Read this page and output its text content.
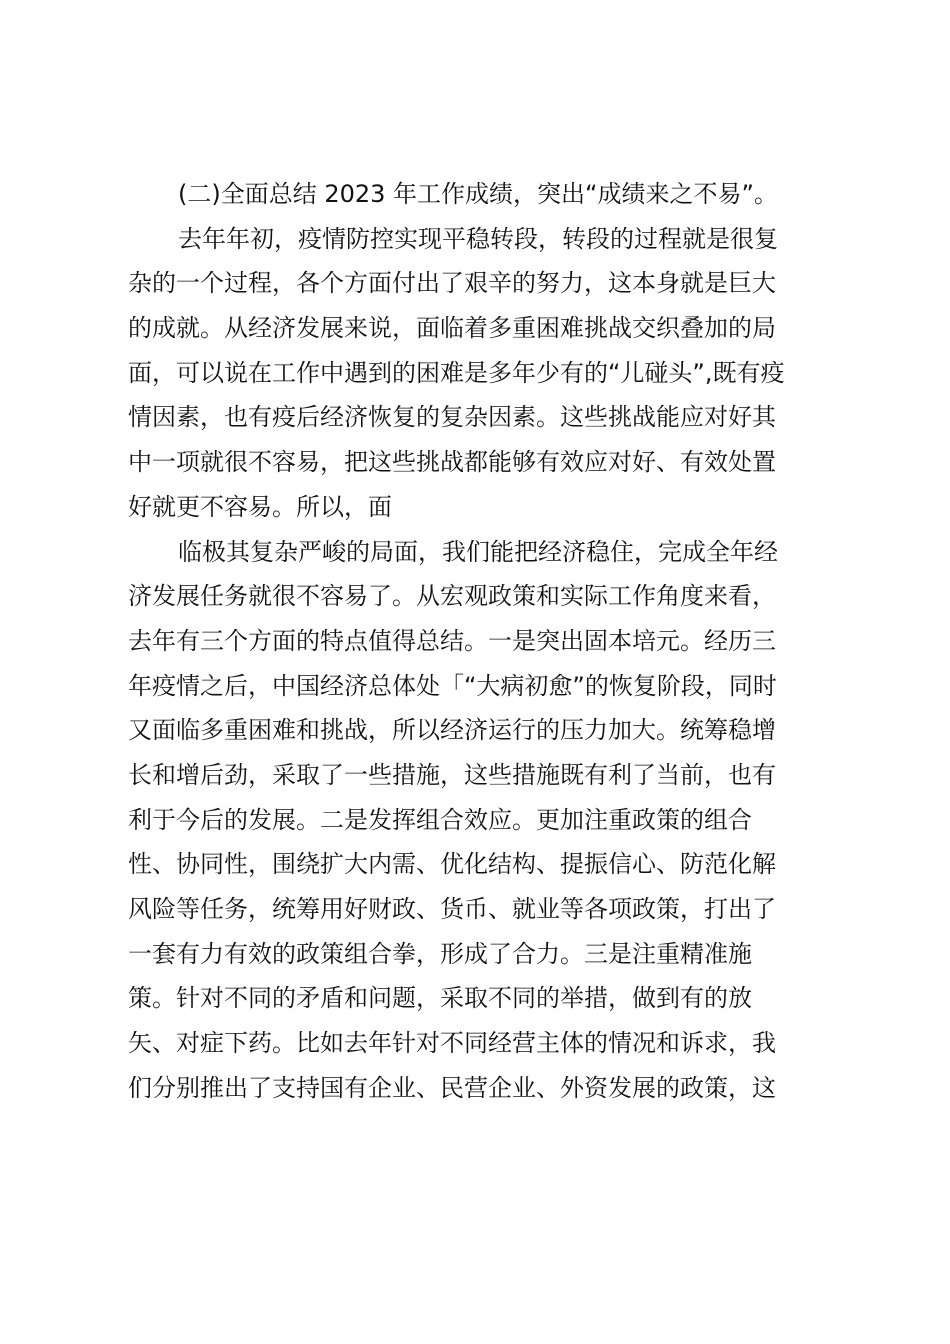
(二)全面总结 2023 年工作成绩，突出“成绩来之不易”。
去年年初，疫情防控实现平稳转段，转段的过程就是很复
杂的一个过程，各个方面付出了艰辛的努力，这本身就是巨大
的成就。从经济发展来说，面临着多重困难挑战交织叠加的局
面，可以说在工作中遇到的困难是多年少有的“儿碰头”,既有疫
情因素，也有疫后经济恢复的复杂因素。这些挑战能应对好其
中一项就很不容易，把这些挑战都能够有效应对好、有效处置
好就更不容易。所以，面
临极其复杂严峻的局面，我们能把经济稳住，完成全年经
济发展任务就很不容易了。从宏观政策和实际工作角度来看，
去年有三个方面的特点值得总结。一是突出固本培元。经历三
年疫情之后，中国经济总体处「“大病初愈”的恢复阶段，同时
又面临多重困难和挑战，所以经济运行的压力加大。统筹稳增
长和增后劲，采取了一些措施，这些措施既有利了当前，也有
利于今后的发展。二是发挥组合效应。更加注重政策的组合
性、协同性，围绕扩大内需、优化结构、提振信心、防范化解
风险等任务，统筹用好财政、货币、就业等各项政策，打出了
一套有力有效的政策组合拳，形成了合力。三是注重精准施
策。针对不同的矛盾和问题，采取不同的举措，做到有的放
矢、对症下药。比如去年针对不同经营主体的情况和诉求，我
们分别推出了支持国有企业、民营企业、外资发展的政策，这
